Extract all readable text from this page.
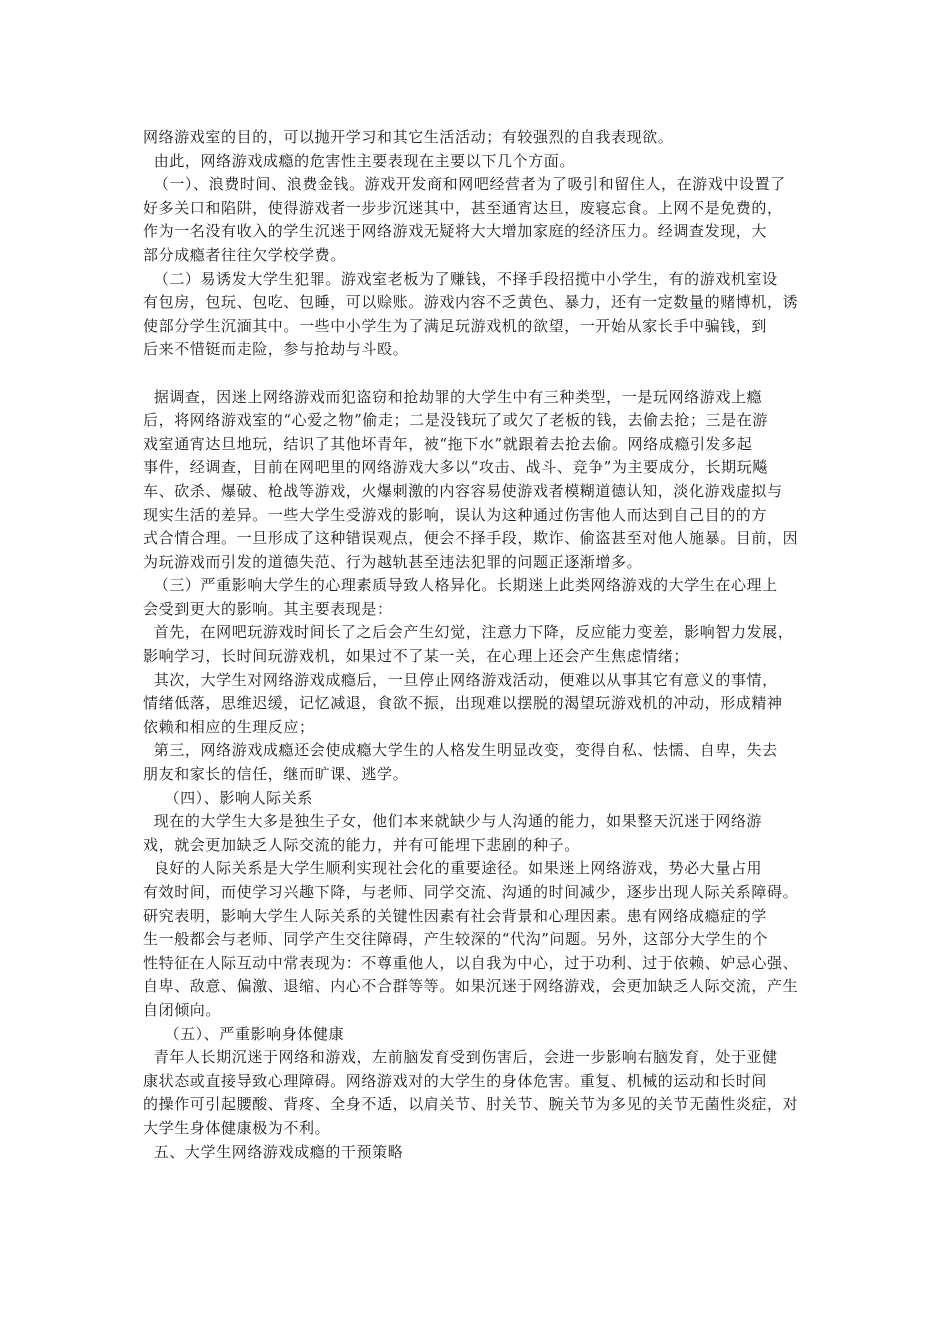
网络游戏室的目的，可以抛开学习和其它生活活动；有较强烈的自我表现欲。
由此，网络游戏成瘾的危害性主要表现在主要以下几个方面。
（一）、浪费时间、浪费金钱。游戏开发商和网吧经营者为了吸引和留住人，在游戏中设置了
好多关口和陷阱，使得游戏者一步步沉迷其中，甚至通宵达旦，废寝忘食。上网不是免费的，
作为一名没有收入的学生沉迷于网络游戏无疑将大大增加家庭的经济压力。经调查发现，大
部分成瘾者往往欠学校学费。
（二）易诱发大学生犯罪。游戏室老板为了赚钱，不择手段招揽中小学生，有的游戏机室设
有包房，包玩、包吃、包睡，可以赊账。游戏内容不乏黄色、暴力，还有一定数量的赌博机，诱
使部分学生沉湎其中。一些中小学生为了满足玩游戏机的欲望，一开始从家长手中骗钱，到
后来不惜铤而走险，参与抢劫与斗殴。
据调查，因迷上网络游戏而犯盗窃和抢劫罪的大学生中有三种类型，一是玩网络游戏上瘾
后，将网络游戏室的“心爱之物”偷走；二是没钱玩了或欠了老板的钱，去偷去抢；三是在游
戏室通宵达旦地玩，结识了其他坏青年，被“拖下水”就跟着去抢去偷。网络成瘾引发多起
事件，经调查，目前在网吧里的网络游戏大多以“攻击、战斗、竞争”为主要成分，长期玩飚
车、砍杀、爆破、枪战等游戏，火爆刺激的内容容易使游戏者模糊道德认知，淡化游戏虚拟与
现实生活的差异。一些大学生受游戏的影响，误认为这种通过伤害他人而达到自己目的的方
式合情合理。一旦形成了这种错误观点，便会不择手段，欺诈、偷盗甚至对他人施暴。目前，因
为玩游戏而引发的道德失范、行为越轨甚至违法犯罪的问题正逐渐增多。
（三）严重影响大学生的心理素质导致人格异化。长期迷上此类网络游戏的大学生在心理上
会受到更大的影响。其主要表现是：
首先，在网吧玩游戏时间长了之后会产生幻觉，注意力下降，反应能力变差，影响智力发展，
影响学习，长时间玩游戏机，如果过不了某一关，在心理上还会产生焦虑情绪；
其次，大学生对网络游戏成瘾后，一旦停止网络游戏活动，便难以从事其它有意义的事情，
情绪低落，思维迟缓，记忆减退，食欲不振，出现难以摆脱的渴望玩游戏机的冲动，形成精神
依赖和相应的生理反应；
第三，网络游戏成瘾还会使成瘾大学生的人格发生明显改变，变得自私、怯懦、自卑，失去
朋友和家长的信任，继而旷课、逃学。
（四）、影响人际关系
现在的大学生大多是独生子女，他们本来就缺少与人沟通的能力，如果整天沉迷于网络游
戏，就会更加缺乏人际交流的能力，并有可能埋下悲剧的种子。
良好的人际关系是大学生顺利实现社会化的重要途径。如果迷上网络游戏，势必大量占用
有效时间，而使学习兴趣下降，与老师、同学交流、沟通的时间减少，逐步出现人际关系障碍。
研究表明，影响大学生人际关系的关键性因素有社会背景和心理因素。患有网络成瘾症的学
生一般都会与老师、同学产生交往障碍，产生较深的“代沟”问题。另外，这部分大学生的个
性特征在人际互动中常表现为：不尊重他人，以自我为中心，过于功利、过于依赖、妒忌心强、
自卑、敌意、偏激、退缩、内心不合群等等。如果沉迷于网络游戏，会更加缺乏人际交流，产生
自闭倾向。
（五）、严重影响身体健康
青年人长期沉迷于网络和游戏，左前脑发育受到伤害后，会进一步影响右脑发育，处于亚健
康状态或直接导致心理障碍。网络游戏对的大学生的身体危害。重复、机械的运动和长时间
的操作可引起腰酸、背疼、全身不适，以肩关节、肘关节、腕关节为多见的关节无菌性炎症，对
大学生身体健康极为不利。
五、大学生网络游戏成瘾的干预策略
